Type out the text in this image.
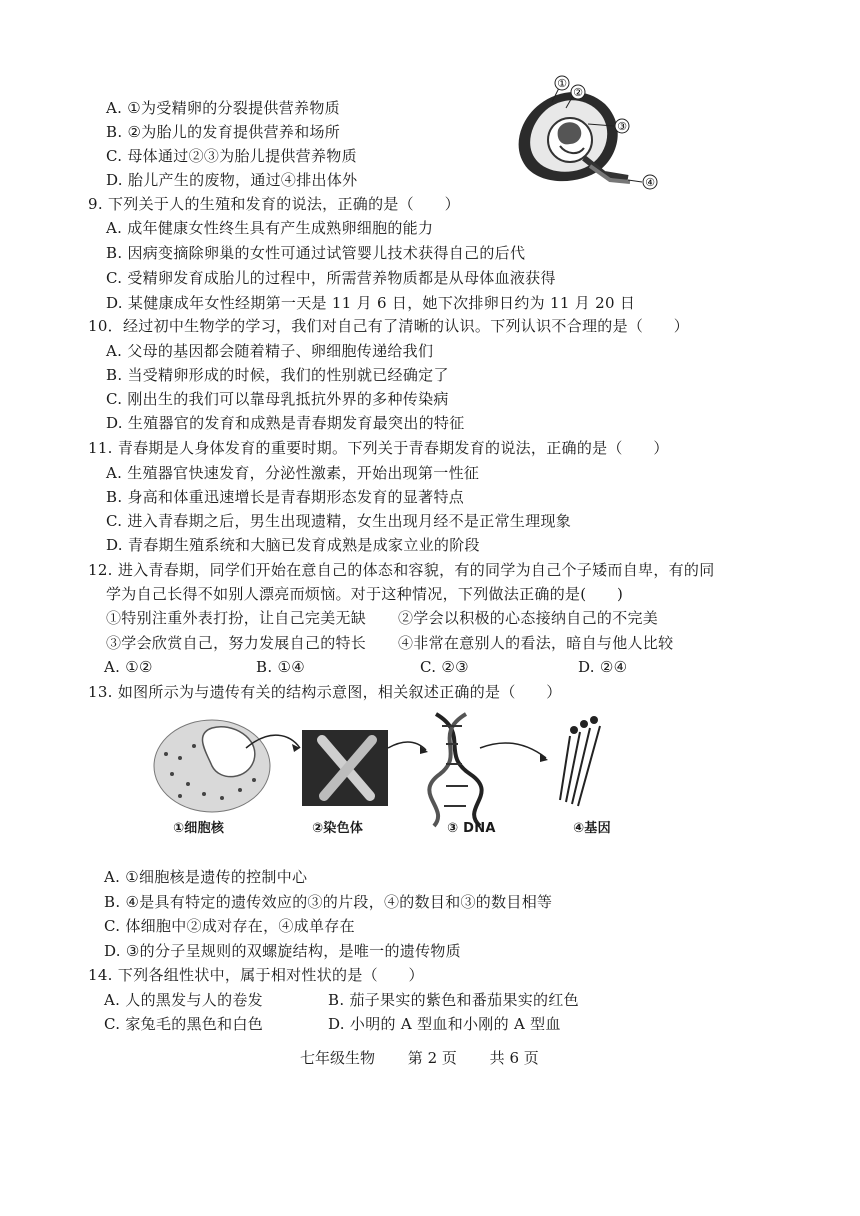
A. ①为受精卵的分裂提供营养物质
B. ②为胎儿的发育提供营养和场所
C. 母体通过②③为胎儿提供营养物质
D. 胎儿产生的废物，通过④排出体外
①
②
③
④
9. 下列关于人的生殖和发育的说法，正确的是（　　）
A. 成年健康女性终生具有产生成熟卵细胞的能力
B. 因病变摘除卵巢的女性可通过试管婴儿技术获得自己的后代
C. 受精卵发育成胎儿的过程中，所需营养物质都是从母体血液获得
D. 某健康成年女性经期第一天是 11 月 6 日，她下次排卵日约为 11 月 20 日
10．经过初中生物学的学习，我们对自己有了清晰的认识。下列认识不合理的是（　　）
A. 父母的基因都会随着精子、卵细胞传递给我们
B. 当受精卵形成的时候，我们的性别就已经确定了
C. 刚出生的我们可以靠母乳抵抗外界的多种传染病
D. 生殖器官的发育和成熟是青春期发育最突出的特征
11. 青春期是人身体发育的重要时期。下列关于青春期发育的说法，正确的是（　　）
A. 生殖器官快速发育，分泌性激素，开始出现第一性征
B. 身高和体重迅速增长是青春期形态发育的显著特点
C. 进入青春期之后，男生出现遗精，女生出现月经不是正常生理现象
D. 青春期生殖系统和大脑已发育成熟是成家立业的阶段
12. 进入青春期，同学们开始在意自己的体态和容貌，有的同学为自己个子矮而自卑，有的同
学为自己长得不如别人漂亮而烦恼。对于这种情况，下列做法正确的是(　　)
①特别注重外表打扮，让自己完美无缺 ②学会以积极的心态接纳自己的不完美
③学会欣赏自己，努力发展自己的特长 ④非常在意别人的看法，暗自与他人比较
A. ①②	B. ①④	C. ②③	D. ②④
13. 如图所示为与遗传有关的结构示意图，相关叙述正确的是（　　）
①细胞核	②染色体	③ DNA	④基因
A. ①细胞核是遗传的控制中心
B. ④是具有特定的遗传效应的③的片段，④的数目和③的数目相等
C. 体细胞中②成对存在，④成单存在
D. ③的分子呈规则的双螺旋结构，是唯一的遗传物质
14. 下列各组性状中，属于相对性状的是（　　）
A. 人的黑发与人的卷发	B. 茄子果实的紫色和番茄果实的红色
C. 家兔毛的黑色和白色	D. 小明的 A 型血和小刚的 A 型血
七年级生物 第 2 页 共 6 页
